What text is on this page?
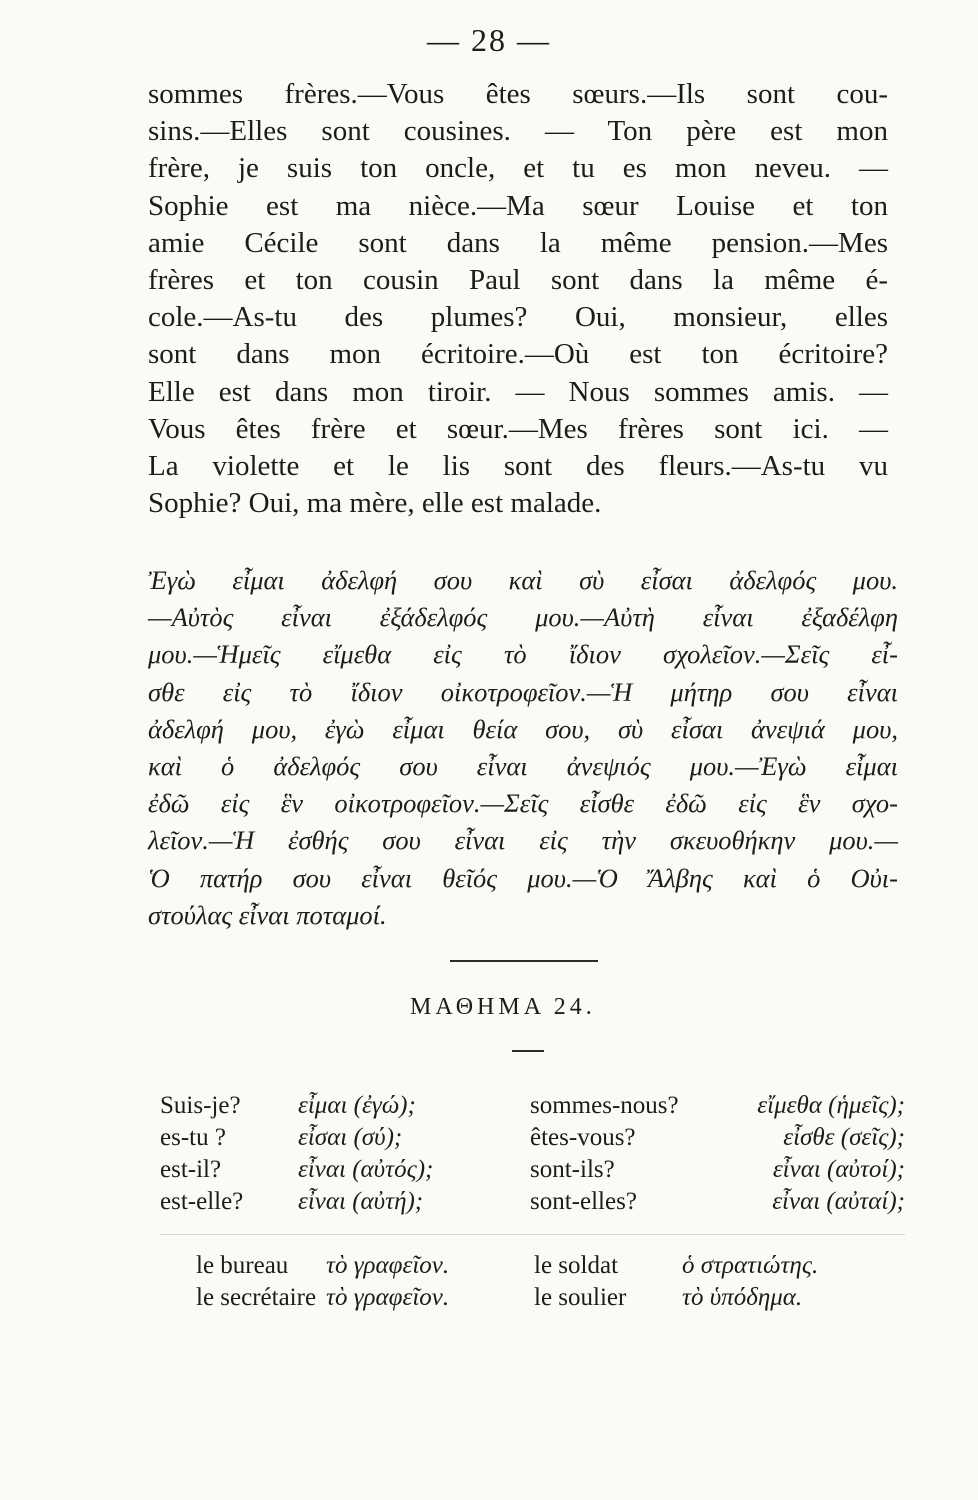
— 28 —
sommes frères.—Vous êtes sœurs.—Ils sont cou-
sins.—Elles sont cousines. — Ton père est mon
frère, je suis ton oncle, et tu es mon neveu. —
Sophie est ma nièce.—Ma sœur Louise et ton
amie Cécile sont dans la même pension.—Mes
frères et ton cousin Paul sont dans la même é-
cole.—As-tu des plumes? Oui, monsieur, elles
sont dans mon écritoire.—Où est ton écritoire?
Elle est dans mon tiroir. — Nous sommes amis. —
Vous êtes frère et sœur.—Mes frères sont ici. —
La violette et le lis sont des fleurs.—As-tu vu
Sophie? Oui, ma mère, elle est malade.
Ἐγὼ εἶμαι ἀδελφή σου καὶ σὺ εἶσαι ἀδελφός μου.
—Αὐτὸς εἶναι ἐξάδελφός μου.—Αὐτὴ εἶναι ἐξαδέλφη
μου.—Ἡμεῖς εἴμεθα εἰς τὸ ἴδιον σχολεῖον.—Σεῖς εἶ-
σθε εἰς τὸ ἴδιον οἰκοτροφεῖον.—Ἡ μήτηρ σου εἶναι
ἀδελφή μου, ἐγὼ εἶμαι θεία σου, σὺ εἶσαι ἀνεψιά μου,
καὶ ὁ ἀδελφός σου εἶναι ἀνεψιός μου.—Ἐγὼ εἶμαι
ἐδῶ εἰς ἓν οἰκοτροφεῖον.—Σεῖς εἶσθε ἐδῶ εἰς ἓν σχο-
λεῖον.—Ἡ ἐσθής σου εἶναι εἰς τὴν σκευοθήκην μου.—
Ὁ πατήρ σου εἶναι θεῖός μου.—Ὁ Ἄλβης καὶ ὁ Οὐι-
στούλας εἶναι ποταμοί.
ΜΑΘΗΜΑ 24.
Suis-je? εἶμαι (ἐγώ);	sommes-nous?	εἴμεθα (ἡμεῖς);
es-tu ?	εἶσαι (σύ);	êtes-vous?	εἶσθε (σεῖς);
est-il?	εἶναι (αὐτός);	sont-ils?	εἶναι (αὐτοί);
est-elle? εἶναι (αὐτή);	sont-elles?	εἶναι (αὐταί);
le bureau τὸ γραφεῖον.	le soldat	ὁ στρατιώτης.
le secrétaire τὸ γραφεῖον.	le soulier τὸ ὑπόδημα.
